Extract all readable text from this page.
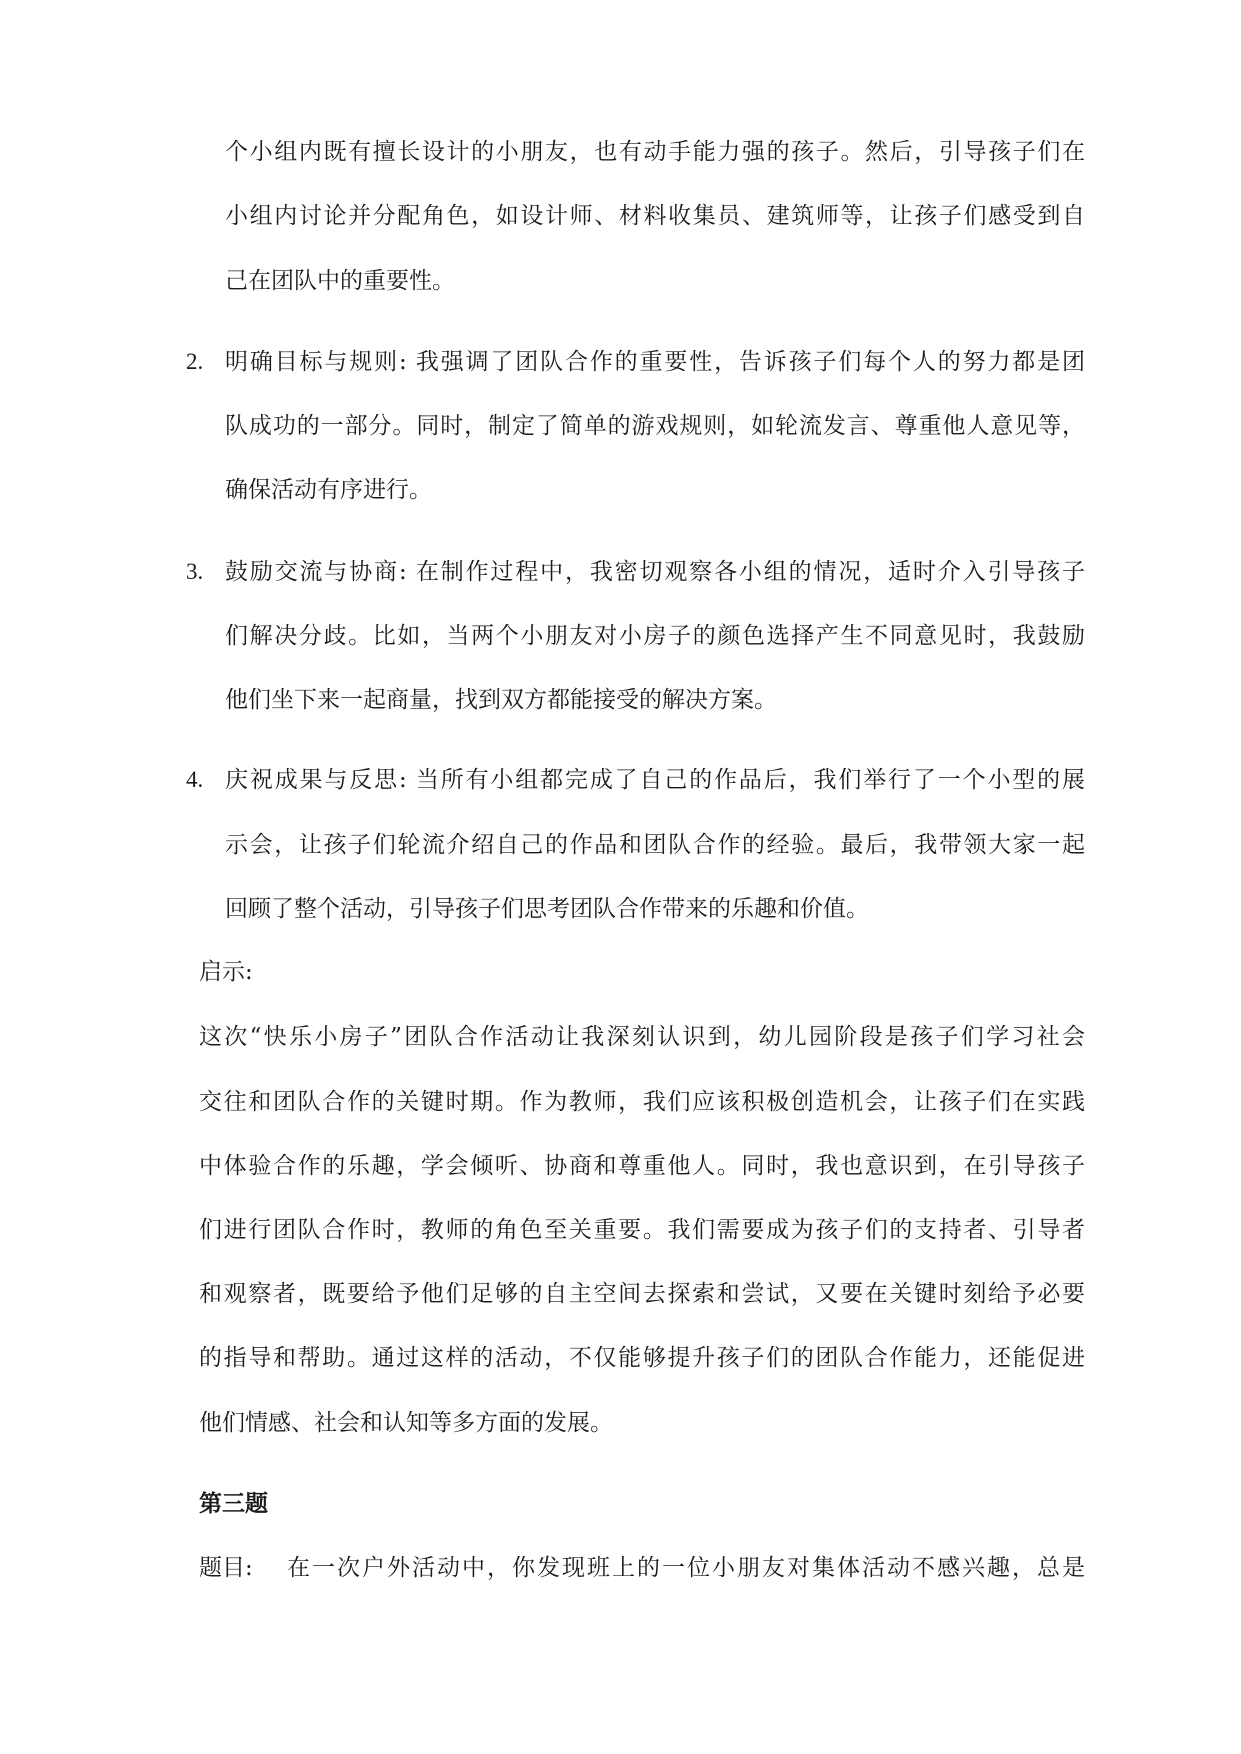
个小组内既有擅长设计的小朋友，也有动手能力强的孩子。然后，引导孩子们在
小组内讨论并分配角色，如设计师、材料收集员、建筑师等，让孩子们感受到自
己在团队中的重要性。
2. 明确目标与规则: 我强调了团队合作的重要性，告诉孩子们每个人的努力都是团
队成功的一部分。同时，制定了简单的游戏规则，如轮流发言、尊重他人意见等，
确保活动有序进行。
3. 鼓励交流与协商: 在制作过程中，我密切观察各小组的情况，适时介入引导孩子
们解决分歧。比如，当两个小朋友对小房子的颜色选择产生不同意见时，我鼓励
他们坐下来一起商量，找到双方都能接受的解决方案。
4. 庆祝成果与反思: 当所有小组都完成了自己的作品后，我们举行了一个小型的展
示会，让孩子们轮流介绍自己的作品和团队合作的经验。最后，我带领大家一起
回顾了整个活动，引导孩子们思考团队合作带来的乐趣和价值。
启示:
这次“快乐小房子”团队合作活动让我深刻认识到，幼儿园阶段是孩子们学习社会
交往和团队合作的关键时期。作为教师，我们应该积极创造机会，让孩子们在实践
中体验合作的乐趣，学会倾听、协商和尊重他人。同时，我也意识到，在引导孩子
们进行团队合作时，教师的角色至关重要。我们需要成为孩子们的支持者、引导者
和观察者，既要给予他们足够的自主空间去探索和尝试，又要在关键时刻给予必要
的指导和帮助。通过这样的活动，不仅能够提升孩子们的团队合作能力，还能促进
他们情感、社会和认知等多方面的发展。
第三题
题目: 在一次户外活动中，你发现班上的一位小朋友对集体活动不感兴趣，总是
